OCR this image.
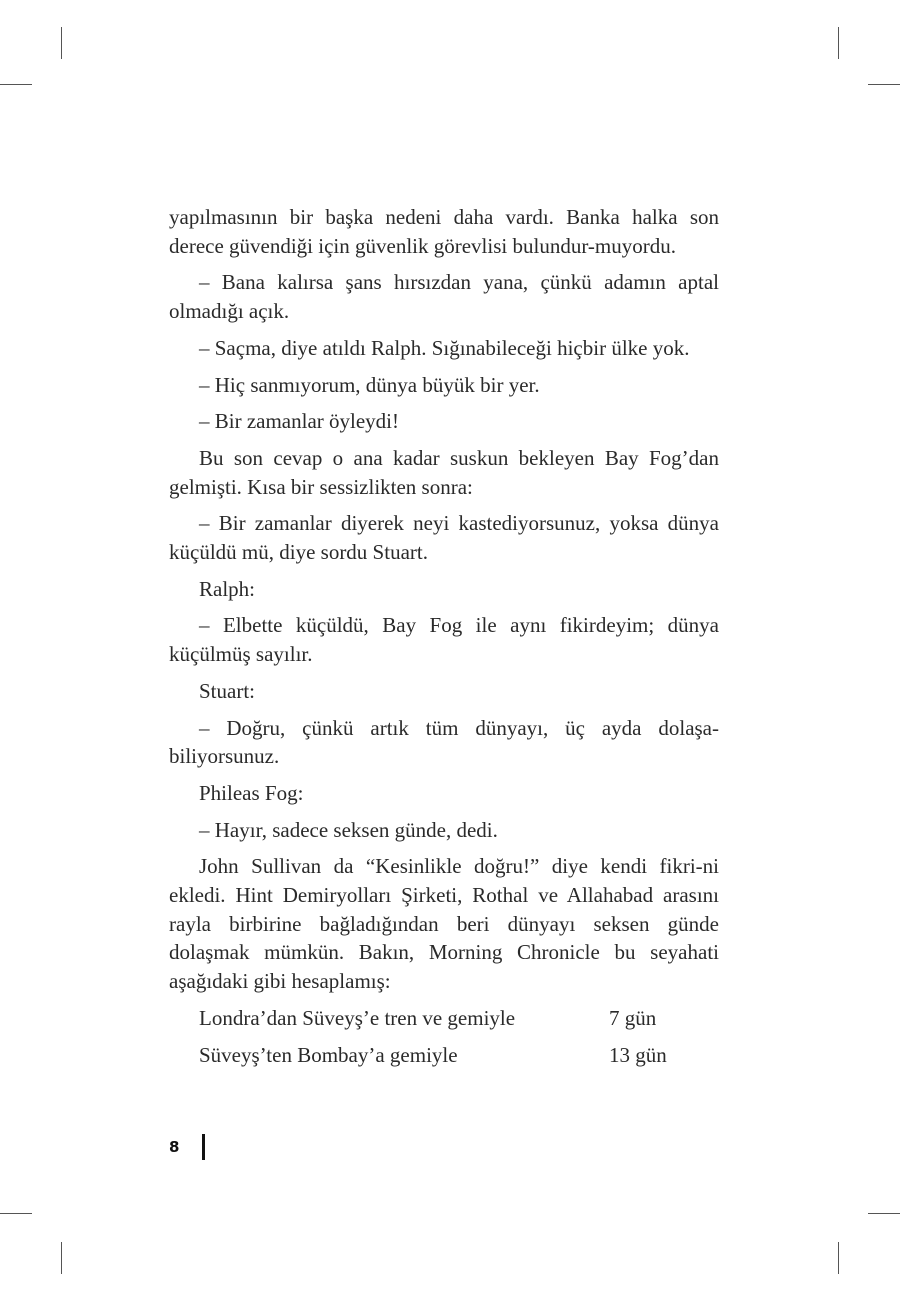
yapılmasının bir başka nedeni daha vardı. Banka halka son derece güvendiği için güvenlik görevlisi bulundur-muyordu.

– Bana kalırsa şans hırsızdan yana, çünkü adamın aptal olmadığı açık.

– Saçma, diye atıldı Ralph. Sığınabileceği hiçbir ülke yok.

– Hiç sanmıyorum, dünya büyük bir yer.

– Bir zamanlar öyleydi!

Bu son cevap o ana kadar suskun bekleyen Bay Fog’dan gelmişti. Kısa bir sessizlikten sonra:

– Bir zamanlar diyerek neyi kastediyorsunuz, yoksa dünya küçüldü mü, diye sordu Stuart.

Ralph:

– Elbette küçüldü, Bay Fog ile aynı fikirdeyim; dünya küçülmüş sayılır.

Stuart:

– Doğru, çünkü artık tüm dünyayı, üç ayda dolaşa-biliyorsunuz.

Phileas Fog:

– Hayır, sadece seksen günde, dedi.

John Sullivan da “Kesinlikle doğru!” diye kendi fikri-ni ekledi. Hint Demiryolları Şirketi, Rothal ve Allahabad arasını rayla birbirine bağladığından beri dünyayı seksen günde dolaşmak mümkün. Bakın, Morning Chronicle bu seyahati aşağıdaki gibi hesaplamış:

Londra’dan Süveyş’e tren ve gemiyle	7 gün
Süveyş’ten Bombay’a gemiyle	13 gün
8
